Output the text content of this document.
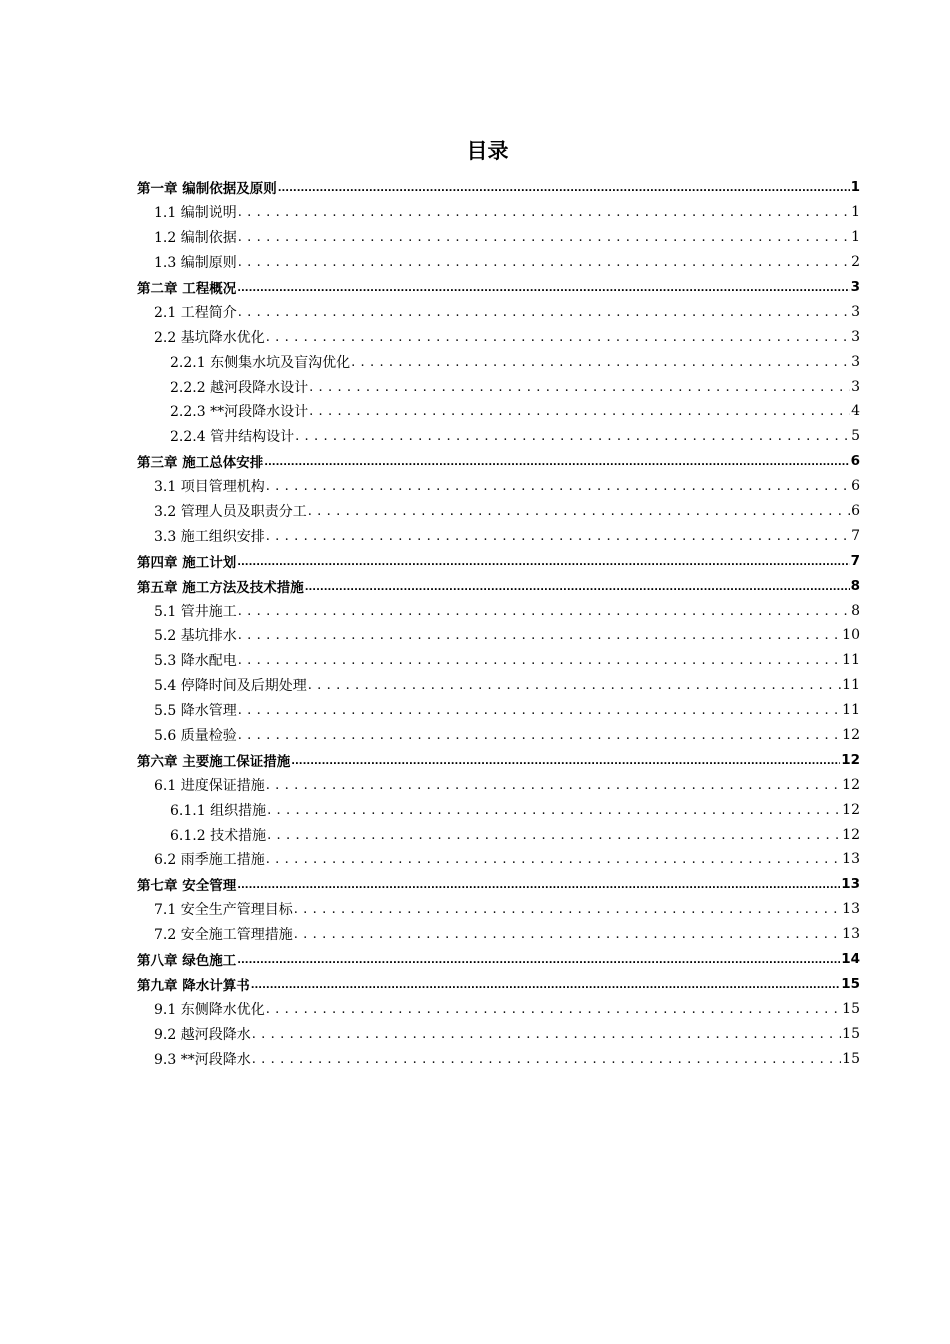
目录
第一章 编制依据及原则 .....	1
1.1 编制说明 . . .	1
1.2 编制依据 . . .	1
1.3 编制原则 . . .	2
第二章 工程概况 .....	3
2.1 工程简介 . . .	3
2.2 基坑降水优化 . . .	3
2.2.1 东侧集水坑及盲沟优化 . . .	3
2.2.2 越河段降水设计 . . .	3
2.2.3 **河段降水设计 . . .	4
2.2.4 管井结构设计 . . .	5
第三章 施工总体安排 .....	6
3.1 项目管理机构 . . .	6
3.2 管理人员及职责分工 . . .	6
3.3 施工组织安排 . . .	7
第四章 施工计划 .....	7
第五章 施工方法及技术措施 .....	8
5.1 管井施工 . . .	8
5.2 基坑排水 . . .	10
5.3 降水配电 . . .	11
5.4 停降时间及后期处理 . . .	11
5.5 降水管理 . . .	11
5.6 质量检验 . . .	12
第六章 主要施工保证措施 .....	12
6.1 进度保证措施 . . .	12
6.1.1 组织措施 . . .	12
6.1.2 技术措施 . . .	12
6.2 雨季施工措施 . . .	13
第七章 安全管理 .....	13
7.1 安全生产管理目标 . . .	13
7.2 安全施工管理措施 . . .	13
第八章 绿色施工 .....	14
第九章 降水计算书 .....	15
9.1 东侧降水优化 . . .	15
9.2 越河段降水 . . .	15
9.3 **河段降水 . . .	15
